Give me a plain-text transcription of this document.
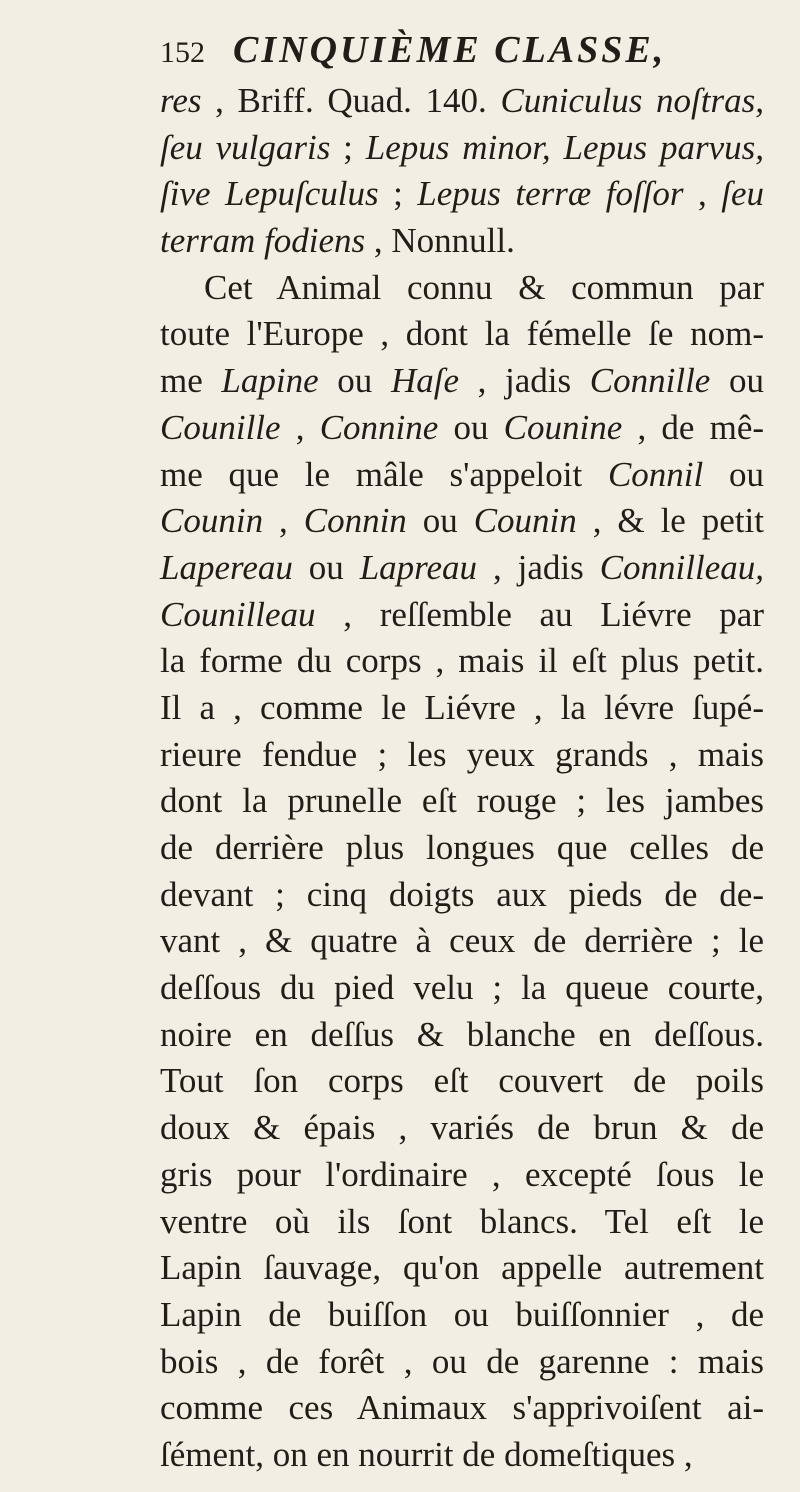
152 CINQUIÈME CLASSE,
res , Briff. Quad. 140. Cuniculus noſtras,
ſeu vulgaris ; Lepus minor, Lepus parvus,
ſive Lepuſculus ; Lepus terræ foſſor , ſeu
terram fodiens , Nonnull.
Cet Animal connu & commun par
toute l'Europe , dont la fémelle ſe nom-
me Lapine ou Haſe , jadis Connille ou
Counille , Connine ou Counine , de mê-
me que le mâle s'appeloit Connil ou
Counin , Connin ou Counin , & le petit
Lapereau ou Lapreau , jadis Connilleau,
Counilleau , reſſemble au Liévre par
la forme du corps , mais il eſt plus petit.
Il a , comme le Liévre , la lévre ſupé-
rieure fendue ; les yeux grands , mais
dont la prunelle eſt rouge ; les jambes
de derrière plus longues que celles de
devant ; cinq doigts aux pieds de de-
vant , & quatre à ceux de derrière ; le
deſſous du pied velu ; la queue courte,
noire en deſſus & blanche en deſſous.
Tout ſon corps eſt couvert de poils
doux & épais , variés de brun & de
gris pour l'ordinaire , excepté ſous le
ventre où ils ſont blancs. Tel eſt le
Lapin ſauvage, qu'on appelle autrement
Lapin de buiſſon ou buiſſonnier , de
bois , de forêt , ou de garenne : mais
comme ces Animaux s'apprivoiſent ai-
ſément, on en nourrit de domeſtiques ,
